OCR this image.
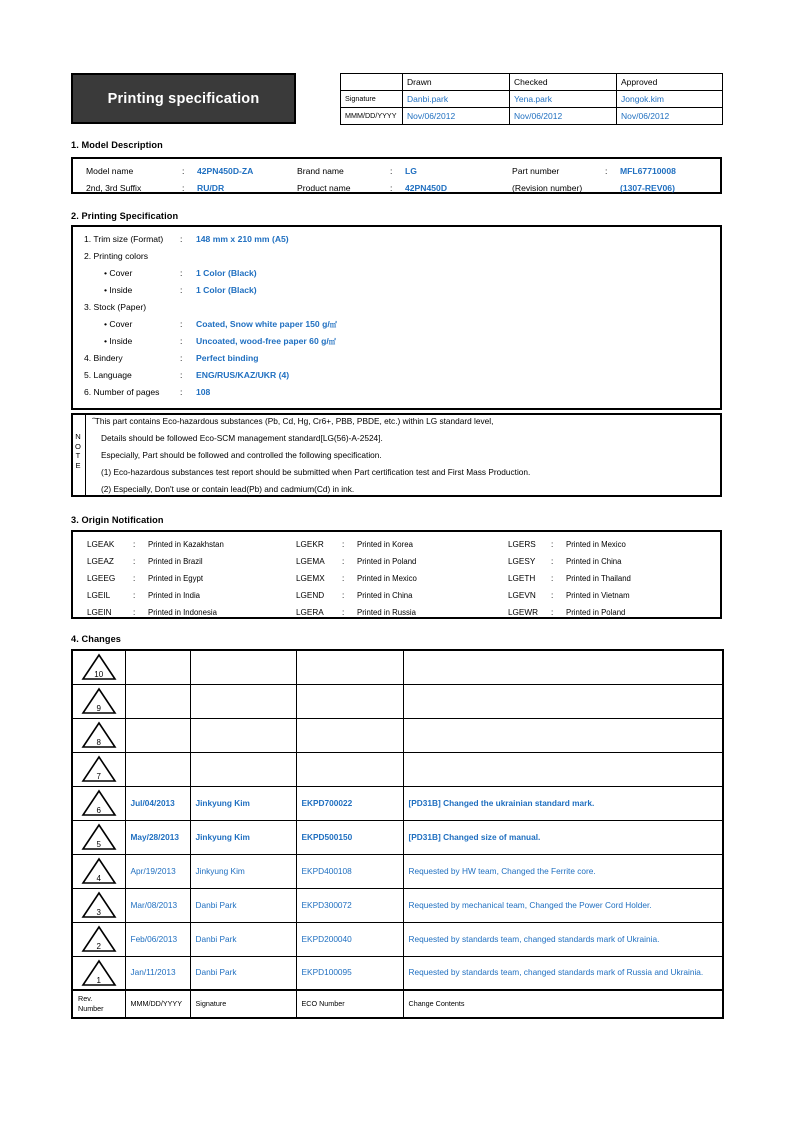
Printing specification
	Drawn	Checked	Approved
Signature	Danbi.park	Yena.park	Jongok.kim
MMM/DD/YYYY	Nov/06/2012	Nov/06/2012	Nov/06/2012
1. Model Description
Model name	: 42PN450D-ZA	Brand name	: LG	Part number	: MFL67710008
2nd, 3rd Suffix	: RU/DR	Product name	: 42PN450D	(Revision number)	(1307-REV06)
2. Printing Specification
1. Trim size (Format) : 148 mm x 210 mm (A5)
2. Printing colors
• Cover	: 1 Color (Black)
• Inside	: 1 Color (Black)
3. Stock (Paper)
• Cover	: Coated, Snow white paper 150 g/㎡
• Inside	: Uncoated, wood-free paper 60 g/㎡
4. Bindery	: Perfect binding
5. Language	: ENG/RUS/KAZ/UKR (4)
6. Number of pages : 108
N
O
T
E
˝This part contains Eco-hazardous substances (Pb, Cd, Hg, Cr6+, PBB, PBDE, etc.) within LG standard level,
Details should be followed Eco-SCM management standard[LG(56)-A-2524].
Especially, Part should be followed and controlled the following specification.
(1) Eco-hazardous substances test report should be submitted when Part certification test and First Mass Production.
(2) Especially, Don't use or contain lead(Pb) and cadmium(Cd) in ink.
3. Origin Notification
LGEAK : Printed in Kazakhstan	LGEKR : Printed in Korea	LGERS : Printed in Mexico
LGEAZ : Printed in Brazil	LGEMA : Printed in Poland	LGESY : Printed in China
LGEEG : Printed in Egypt	LGEMX : Printed in Mexico	LGETH : Printed in Thailand
LGEIL	: Printed in India	LGEND : Printed in China	LGEVN : Printed in Vietnam
LGEIN	: Printed in Indonesia	LGERA : Printed in Russia	LGEWR : Printed in Poland
4. Changes
10				

9				

8				

7				

6	Jul/04/2013	Jinkyung Kim	EKPD700022	[PD31B] Changed the ukrainian standard mark.

5	May/28/2013	Jinkyung Kim	EKPD500150	[PD31B] Changed size of manual.

4	Apr/19/2013	Jinkyung Kim	EKPD400108	Requested by HW team, Changed the Ferrite core.

3	Mar/08/2013	Danbi Park	EKPD300072	Requested by mechanical team, Changed the Power Cord Holder.

2	Feb/06/2013	Danbi Park	EKPD200040	Requested by standards team, changed standards mark of Ukrainia.

1	Jan/11/2013	Danbi Park	EKPD100095	Requested by standards team, changed standards mark of Russia and Ukrainia.
Rev. Number	MMM/DD/YYYY	Signature	ECO Number	Change Contents
